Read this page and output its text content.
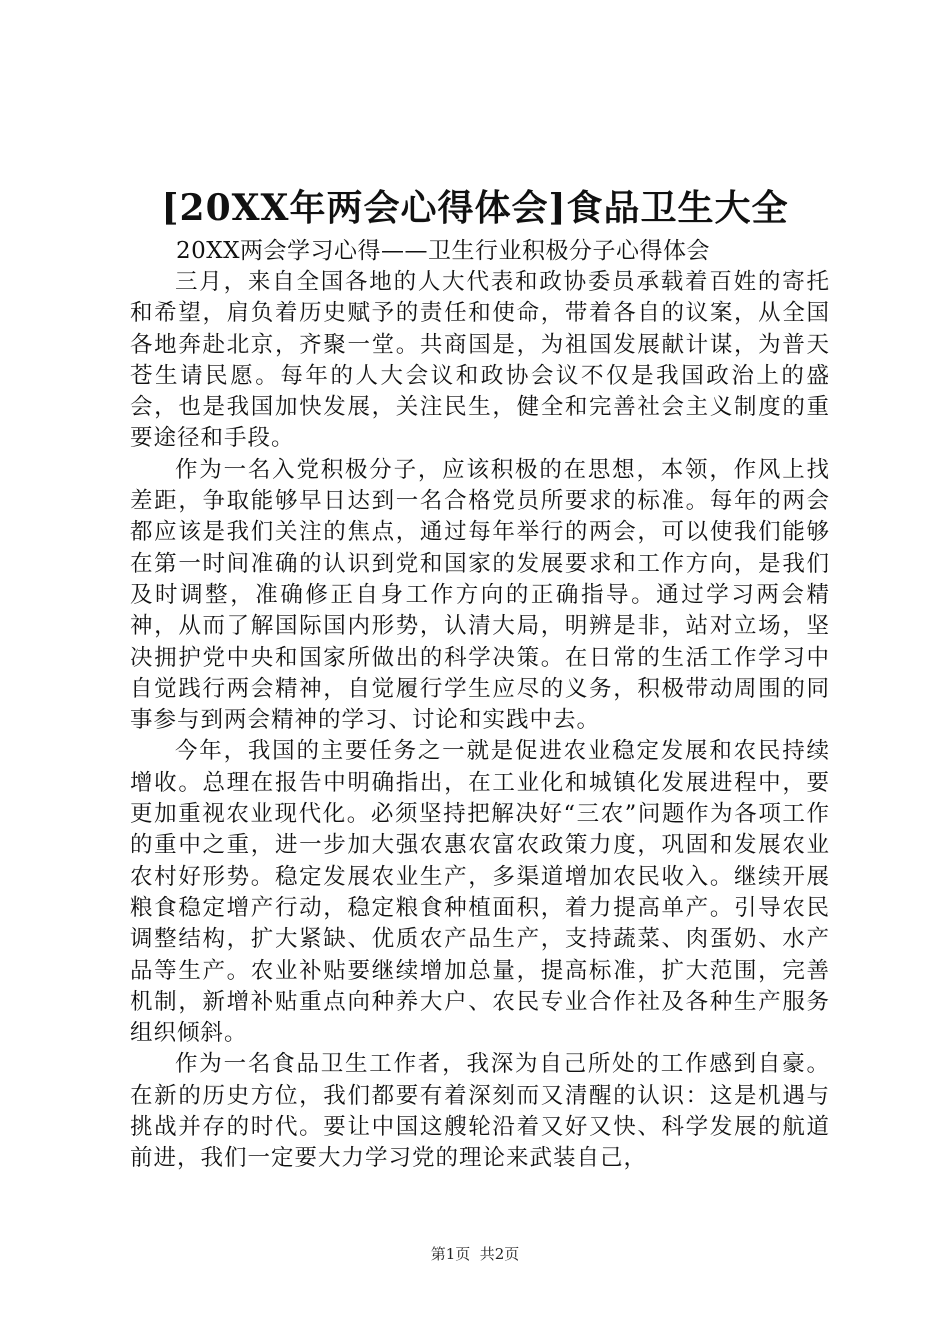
[20XX年两会心得体会]食品卫生大全
20XX两会学习心得——卫生行业积极分子心得体会

三月，来自全国各地的人大代表和政协委员承载着百姓的寄托和希望，肩负着历史赋予的责任和使命，带着各自的议案，从全国各地奔赴北京，齐聚一堂。共商国是，为祖国发展献计谋，为普天苍生请民愿。每年的人大会议和政协会议不仅是我国政治上的盛会，也是我国加快发展，关注民生，健全和完善社会主义制度的重要途径和手段。

作为一名入党积极分子，应该积极的在思想，本领，作风上找差距，争取能够早日达到一名合格党员所要求的标准。每年的两会都应该是我们关注的焦点，通过每年举行的两会，可以使我们能够在第一时间准确的认识到党和国家的发展要求和工作方向，是我们及时调整，准确修正自身工作方向的正确指导。通过学习两会精神，从而了解国际国内形势，认清大局，明辨是非，站对立场，坚决拥护党中央和国家所做出的科学决策。在日常的生活工作学习中自觉践行两会精神，自觉履行学生应尽的义务，积极带动周围的同事参与到两会精神的学习、讨论和实践中去。

今年，我国的主要任务之一就是促进农业稳定发展和农民持续增收。总理在报告中明确指出，在工业化和城镇化发展进程中，要更加重视农业现代化。必须坚持把解决好“三农”问题作为各项工作的重中之重，进一步加大强农惠农富农政策力度，巩固和发展农业农村好形势。稳定发展农业生产，多渠道增加农民收入。继续开展粮食稳定增产行动，稳定粮食种植面积，着力提高单产。引导农民调整结构，扩大紧缺、优质农产品生产，支持蔬菜、肉蛋奶、水产品等生产。农业补贴要继续增加总量，提高标准，扩大范围，完善机制，新增补贴重点向种养大户、农民专业合作社及各种生产服务组织倾斜。

作为一名食品卫生工作者，我深为自己所处的工作感到自豪。在新的历史方位，我们都要有着深刻而又清醒的认识：这是机遇与挑战并存的时代。要让中国这艘轮沿着又好又快、科学发展的航道前进，我们一定要大力学习党的理论来武装自己，

第1页  共2页
